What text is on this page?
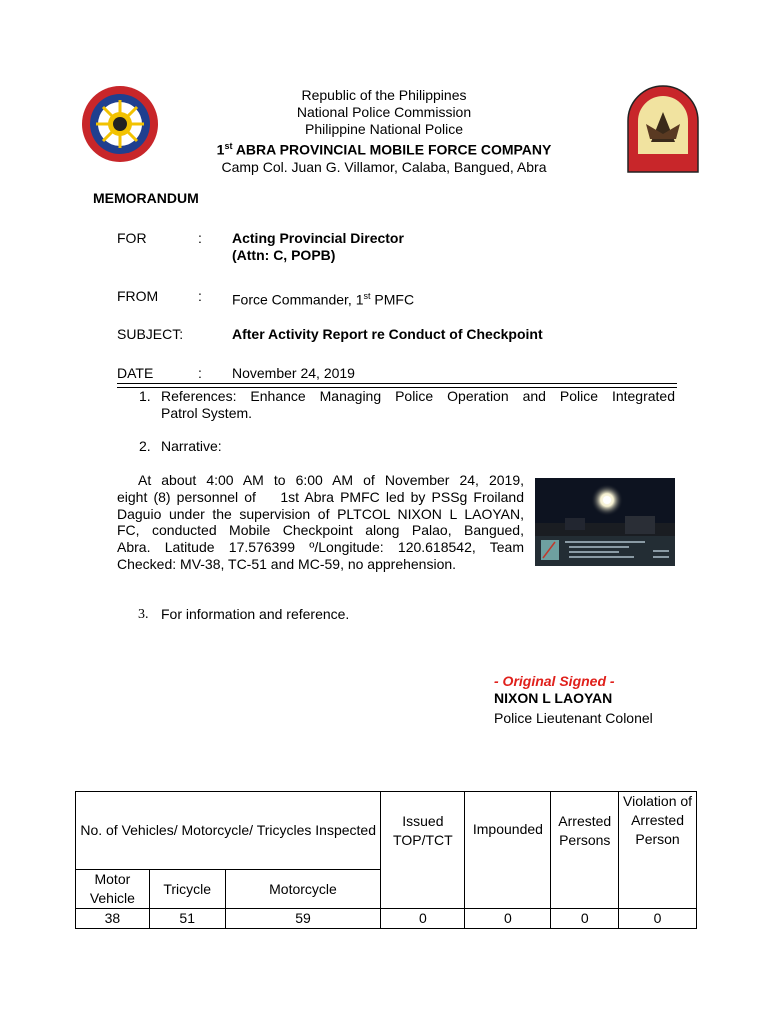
Republic of the Philippines
National Police Commission
Philippine National Police
1st ABRA PROVINCIAL MOBILE FORCE COMPANY
Camp Col. Juan G. Villamor, Calaba, Bangued, Abra
MEMORANDUM
FOR	: Acting Provincial Director
(Attn: C, POPB)
FROM	: Force Commander, 1st PMFC
SUBJECT:	After Activity Report re Conduct of Checkpoint
DATE	: November 24, 2019
1. References: Enhance Managing Police Operation and Police Integrated
Patrol System.
2. Narrative:
At about 4:00 AM to 6:00 AM of November 24, 2019,
eight (8) personnel of    1st Abra PMFC led by PSSg Froiland
Daguio under the supervision of PLTCOL NIXON L LAOYAN,
FC, conducted Mobile Checkpoint along Palao, Bangued,
Abra. Latitude 17.576399 º/Longitude: 120.618542, Team
Checked: MV-38, TC-51 and MC-59, no apprehension.
3. For information and reference.
- Original Signed -
NIXON L LAOYAN
Police Lieutenant Colonel
No. of Vehicles/ Motorcycle/ Tricycles Inspected			Issued TOP/TCT	Impounded	Arrested Persons	Violation of Arrested Person
Motor Vehicle	Tricycle	Motorcycle				
38	51	59	0	0	0	0
